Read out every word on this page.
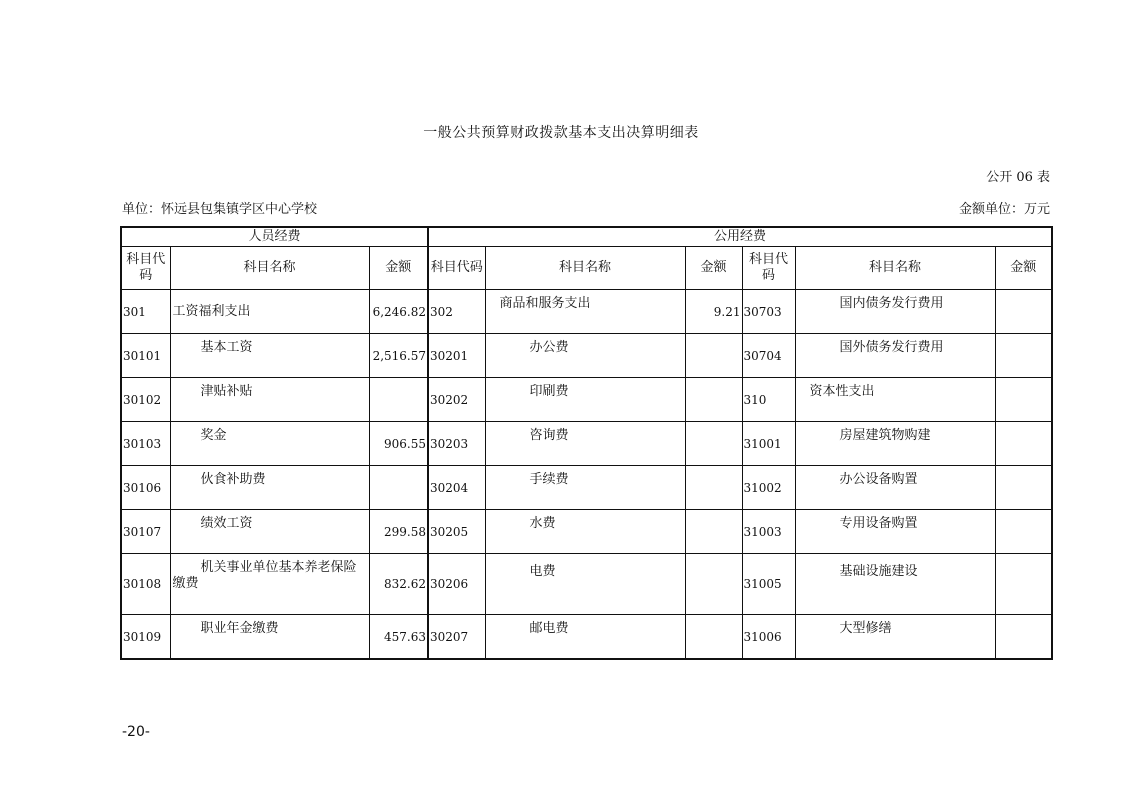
一般公共预算财政拨款基本支出决算明细表
公开 06 表
单位：怀远县包集镇学区中心学校	金额单位：万元
人员经费			公用经费					
科目代码	科目名称	金额	科目代码	科目名称	金额	科目代码	科目名称	金额

301	工资福利支出	6,246.82	302	商品和服务支出	9.21	30703	国内债务发行费用	

30101	基本工资	2,516.57	30201	办公费		30704	国外债务发行费用	

30102	津贴补贴		30202	印刷费		310	资本性支出	

30103	奖金	906.55	30203	咨询费		31001	房屋建筑物购建	

30106	伙食补助费		30204	手续费		31002	办公设备购置	

30107	绩效工资	299.58	30205	水费		31003	专用设备购置	

30108	机关事业单位基本养老保险缴费	832.62	30206	电费		31005	基础设施建设	

30109	职业年金缴费	457.63	30207	邮电费		31006	大型修缮	

-20-
